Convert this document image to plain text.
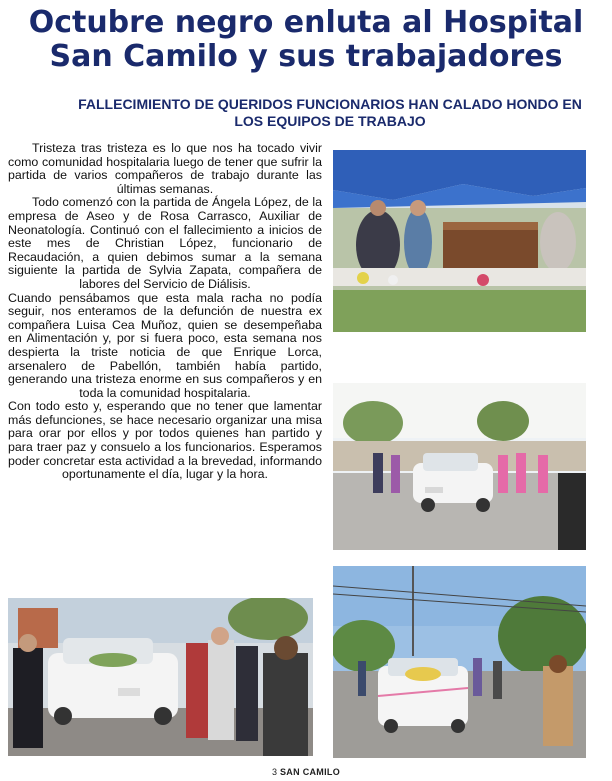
Octubre negro enluta al Hospital
San Camilo y sus trabajadores
FALLECIMIENTO DE QUERIDOS FUNCIONARIOS HAN CALADO HONDO EN LOS EQUIPOS DE TRABAJO

Tristeza tras tristeza es lo que nos ha tocado vivir como comunidad hospitalaria luego de tener que sufrir la partida de varios compañeros de trabajo durante las últimas semanas.

Todo comenzó con la partida de Ángela López, de la empresa de Aseo y de Rosa Carrasco, Auxiliar de Neonatología. Continuó con el fallecimiento a inicios de este mes de Christian López, funcionario de Recaudación, a quien debimos sumar a la semana siguiente la partida de Sylvia Zapata, compañera de labores del Servicio de Diálisis.

Cuando pensábamos que esta mala racha no podía seguir, nos enteramos de la defunción de nuestra ex compañera Luisa Cea Muñoz, quien se desempeñaba en Alimentación y, por si fuera poco, esta semana nos despierta la triste noticia de que Enrique Lorca, arsenalero de Pabellón, también había partido, generando una tristeza enorme en sus compañeros y en toda la comunidad hospitalaria.

Con todo esto y, esperando que no tener que lamentar más defunciones, se hace necesario organizar una misa para orar por ellos y por todos quienes han partido y para traer paz y consuelo a los funcionarios. Esperamos poder concretar esta actividad a la brevedad, informando oportunamente el día, lugar y la hora.

3 SAN CAMILO
